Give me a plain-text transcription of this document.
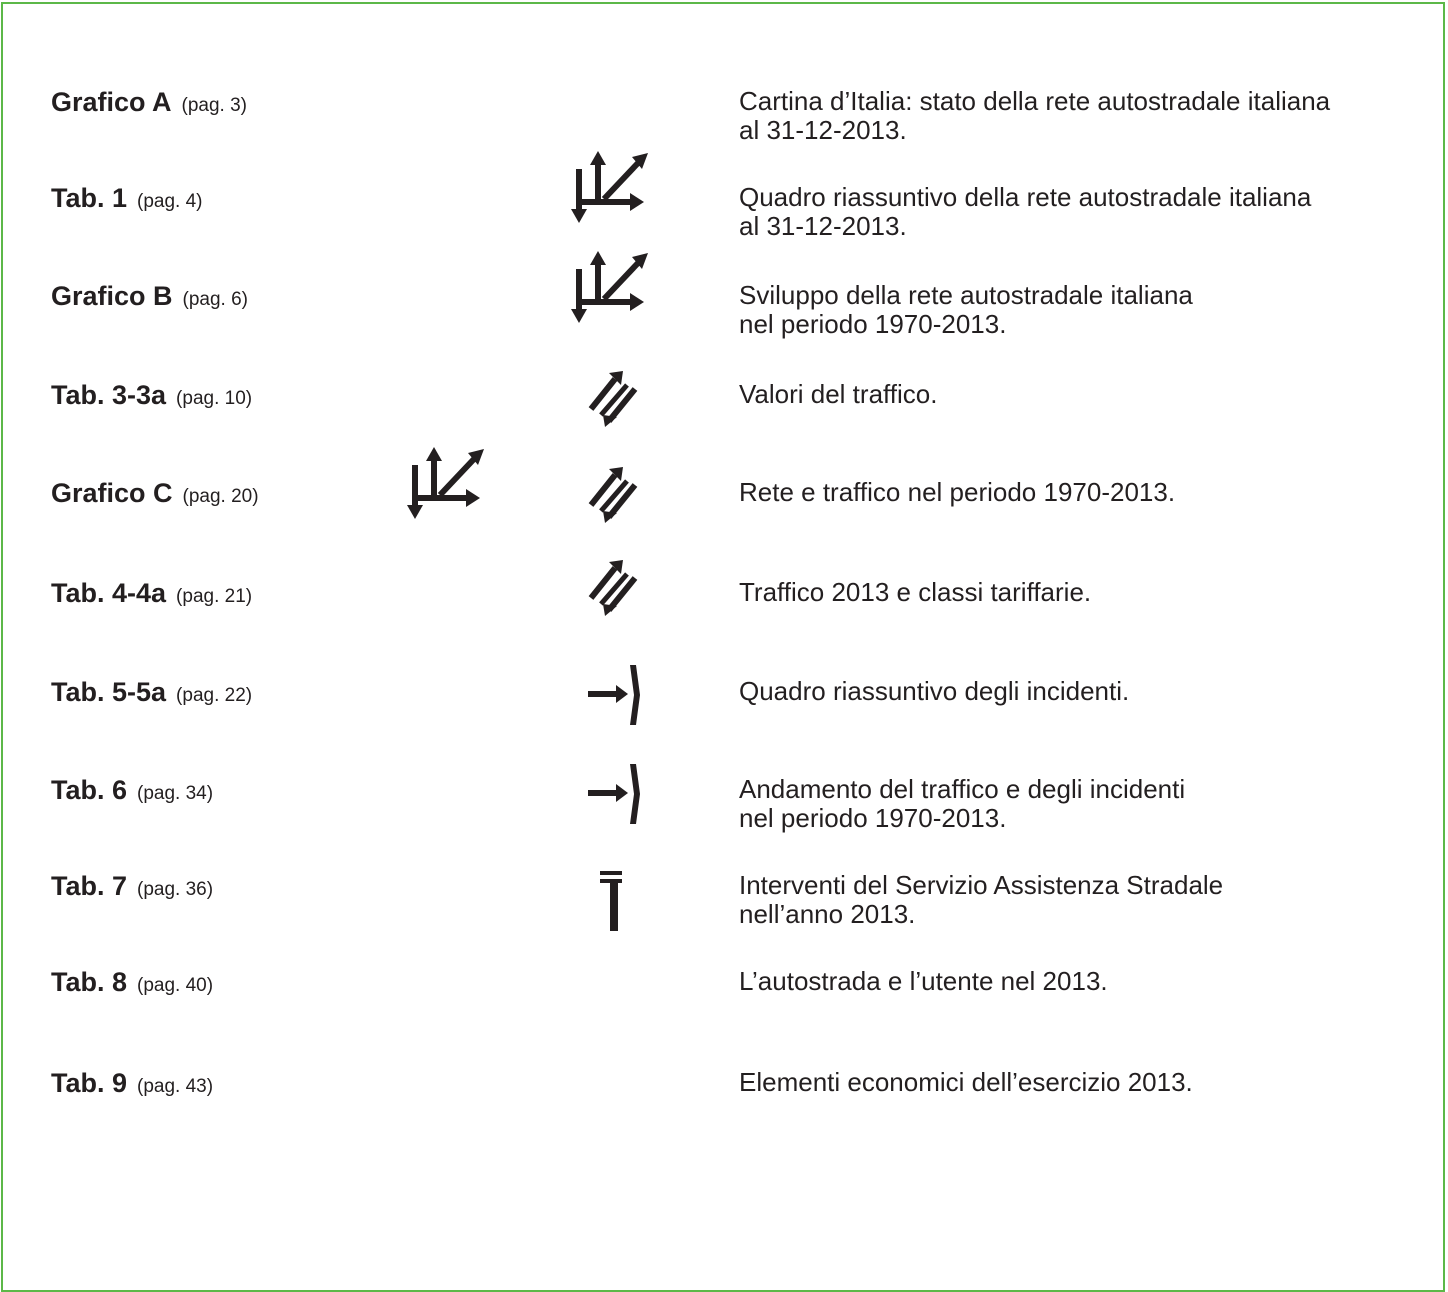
Grafico A (pag. 3)	Cartina d’Italia: stato della rete autostradale italiana
al 31-12-2013.
Tab. 1 (pag. 4)	Quadro riassuntivo della rete autostradale italiana
al 31-12-2013.
Grafico B (pag. 6)	Sviluppo della rete autostradale italiana
nel periodo 1970-2013.
Tab. 3-3a (pag. 10)	Valori del traffico.
Grafico C (pag. 20)	Rete e traffico nel periodo 1970-2013.
Tab. 4-4a (pag. 21)	Traffico 2013 e classi tariffarie.
Tab. 5-5a (pag. 22)	Quadro riassuntivo degli incidenti.
Tab. 6 (pag. 34)	Andamento del traffico e degli incidenti
nel periodo 1970-2013.
Tab. 7 (pag. 36)	Interventi del Servizio Assistenza Stradale
nell’anno 2013.
Tab. 8 (pag. 40)	L’autostrada e l’utente nel 2013.
Tab. 9 (pag. 43)	Elementi economici dell’esercizio 2013.
